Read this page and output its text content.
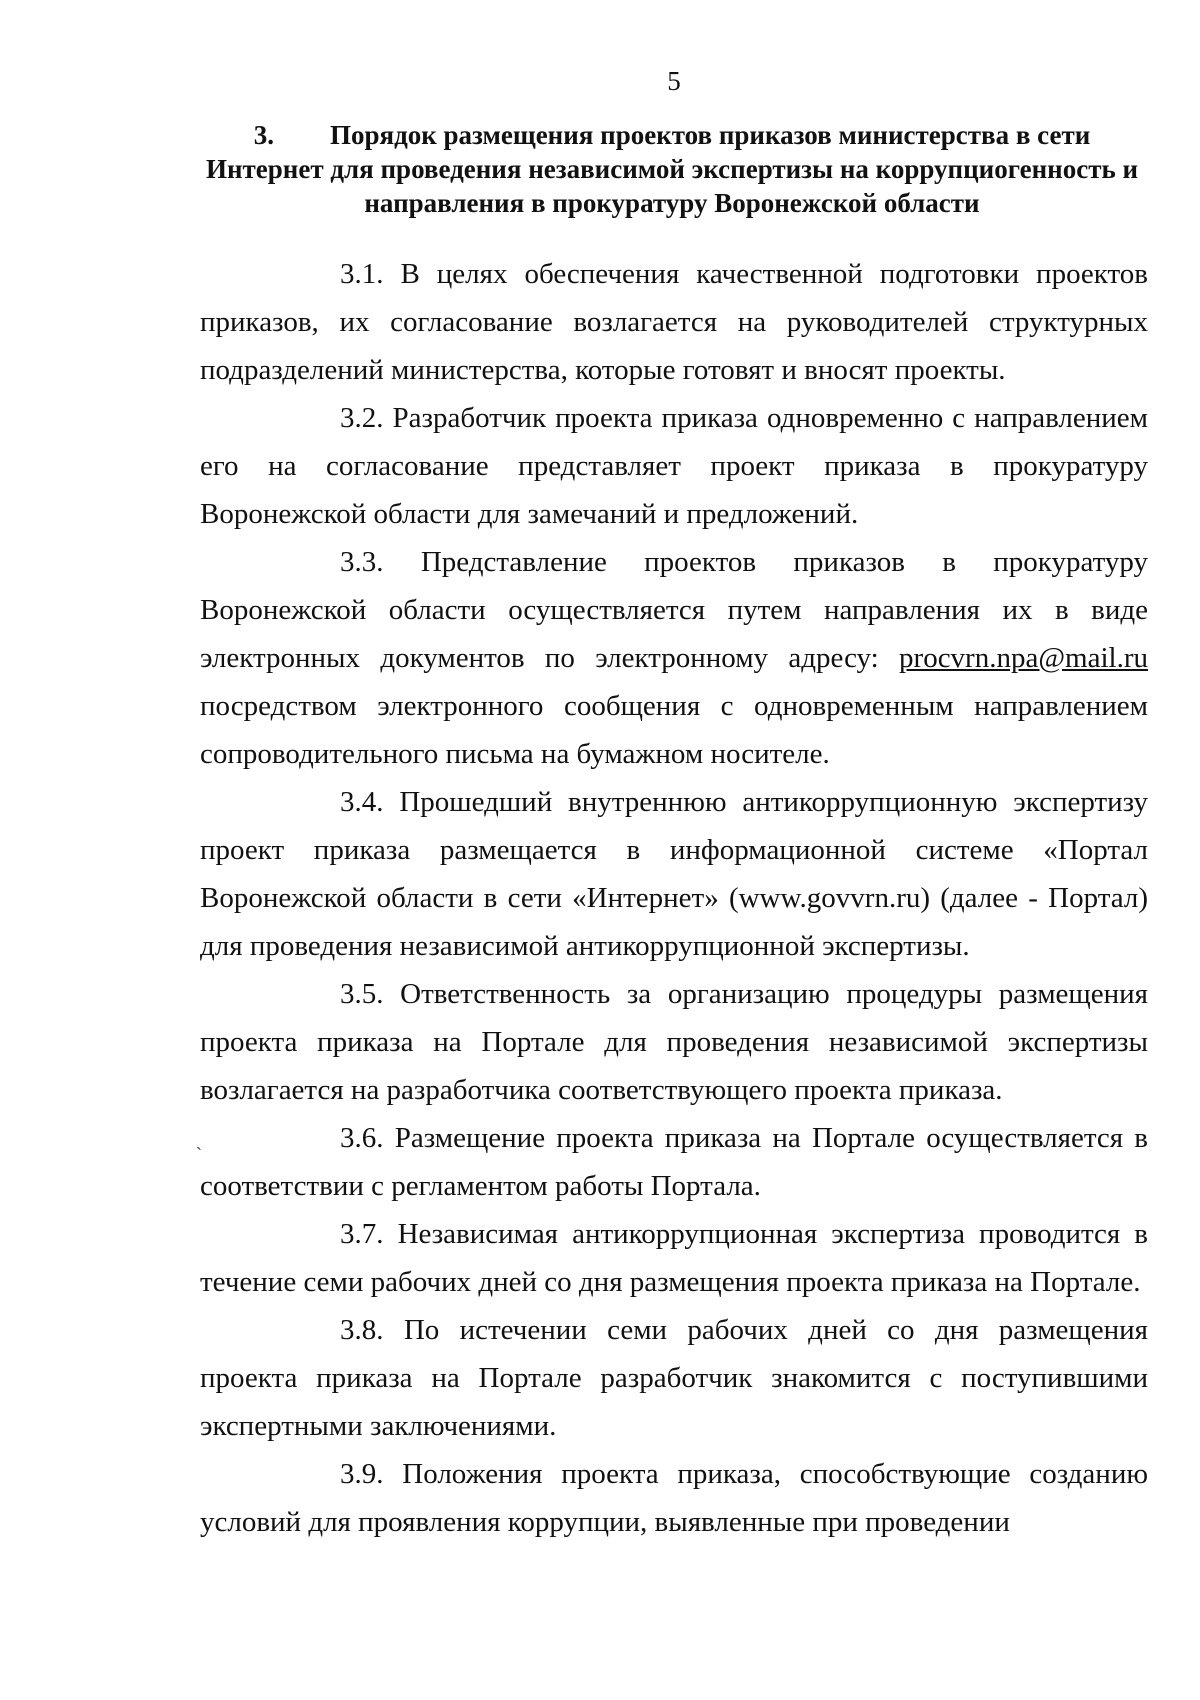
5
3. Порядок размещения проектов приказов министерства в сети Интернет для проведения независимой экспертизы на коррупциогенность и направления в прокуратуру Воронежской области
ˎ

3.1. В целях обеспечения качественной подготовки проектов приказов, их согласование возлагается на руководителей структурных подразделений министерства, которые готовят и вносят проекты.

3.2. Разработчик проекта приказа одновременно с направлением его на согласование представляет проект приказа в прокуратуру Воронежской области для замечаний и предложений.

3.3. Представление проектов приказов в прокуратуру Воронежской области осуществляется путем направления их в виде электронных документов по электронному адресу: procvrn.npa@mail.ru посредством электронного сообщения с одновременным направлением сопроводительного письма на бумажном носителе.

3.4. Прошедший внутреннюю антикоррупционную экспертизу проект приказа размещается в информационной системе «Портал Воронежской области в сети «Интернет» (www.govvrn.ru) (далее - Портал) для проведения независимой антикоррупционной экспертизы.

3.5. Ответственность за организацию процедуры размещения проекта приказа на Портале для проведения независимой экспертизы возлагается на разработчика соответствующего проекта приказа.

3.6. Размещение проекта приказа на Портале осуществляется в соответствии с регламентом работы Портала.

3.7. Независимая антикоррупционная экспертиза проводится в течение семи рабочих дней со дня размещения проекта приказа на Портале.

3.8. По истечении семи рабочих дней со дня размещения проекта приказа на Портале разработчик знакомится с поступившими экспертными заключениями.

3.9. Положения проекта приказа, способствующие созданию условий для проявления коррупции, выявленные при проведении
